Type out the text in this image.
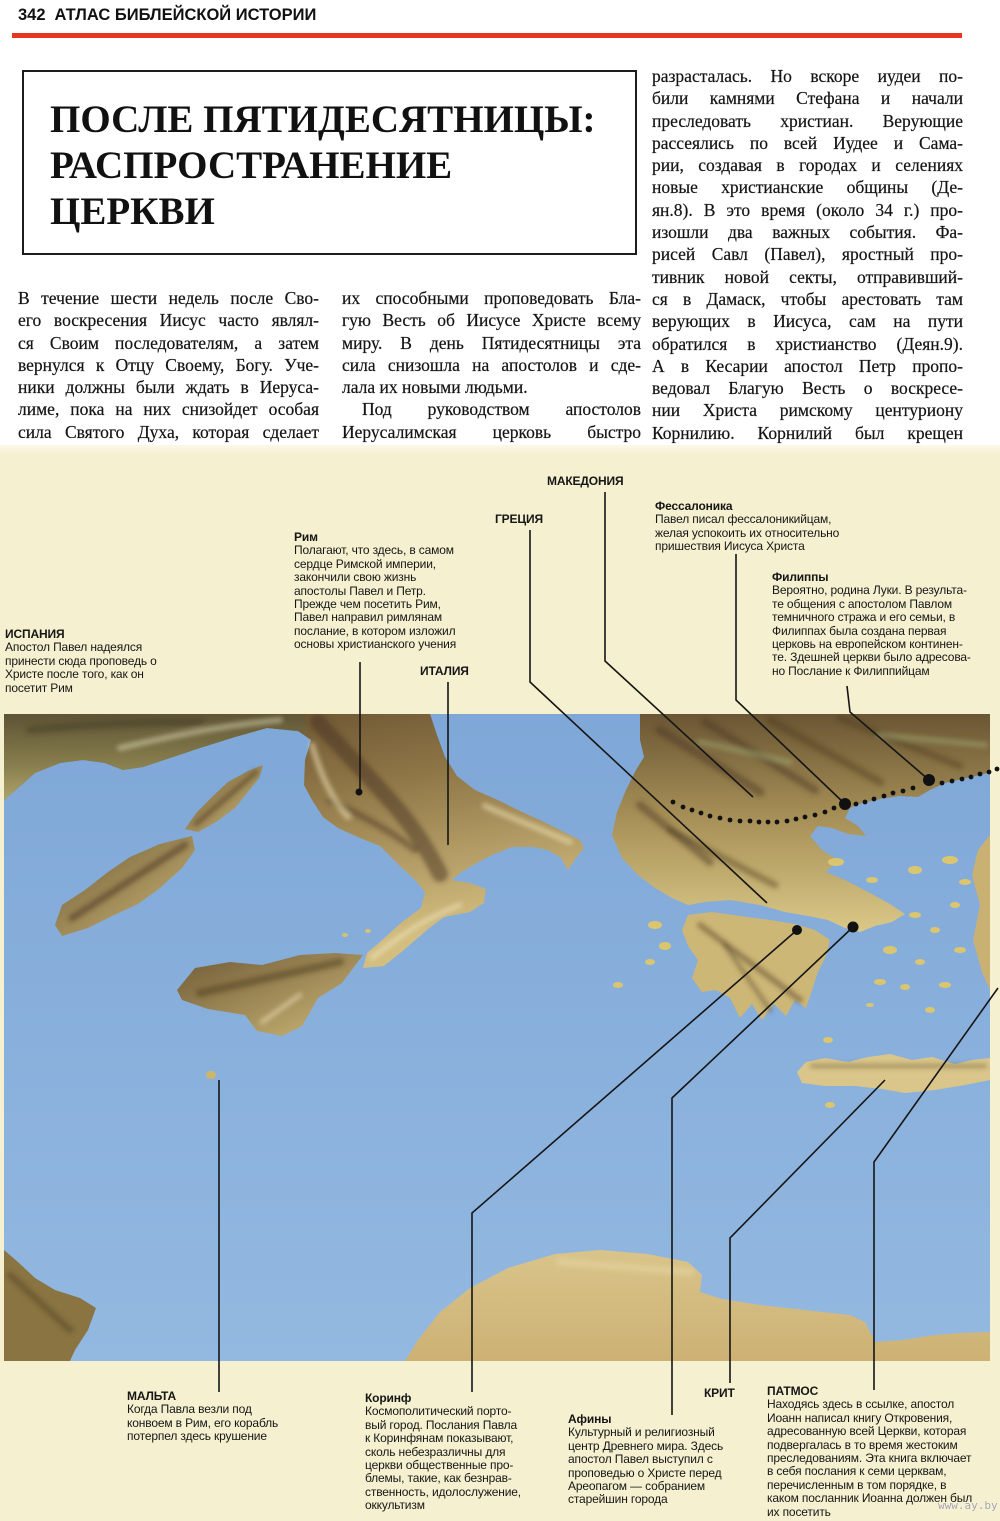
342 АТЛАС БИБЛЕЙСКОЙ ИСТОРИИ
ПОСЛЕ ПЯТИДЕСЯТНИЦЫ:
РАСПРОСТРАНЕНИЕ
ЦЕРКВИ
В течение шести недель после Сво-
его воскресения Иисус часто являл-
ся Своим последователям, а затем
вернулся к Отцу Своему, Богу. Уче-
ники должны были ждать в Иеруса-
лиме, пока на них снизойдет особая
сила Святого Духа, которая сделает
их способными проповедовать Бла-
гую Весть об Иисусе Христе всему
миру. В день Пятидесятницы эта
сила снизошла на апостолов и сде-
лала их новыми людьми.
Под руководством апостолов
Иерусалимская церковь быстро
разрасталась. Но вскоре иудеи по-
били камнями Стефана и начали
преследовать христиан. Верующие
рассеялись по всей Иудее и Сама-
рии, создавая в городах и селениях
новые христианские общины (Де-
ян.8). В это время (около 34 г.) про-
изошли два важных события. Фа-
рисей Савл (Павел), яростный про-
тивник новой секты, отправивший-
ся в Дамаск, чтобы арестовать там
верующих в Иисуса, сам на пути
обратился в христианство (Деян.9).
А в Кесарии апостол Петр пропо-
ведовал Благую Весть о воскресе-
нии Христа римскому центуриону
Корнилию. Корнилий был крещен
МАКЕДОНИЯ
ГРЕЦИЯ
ИТАЛИЯ
КРИТ
ИСПАНИЯ
Апостол Павел надеялся
принести сюда проповедь о
Христе после того, как он
посетит Рим
Рим
Полагают, что здесь, в самом
сердце Римской империи,
закончили свою жизнь
апостолы Павел и Петр.
Прежде чем посетить Рим,
Павел направил римлянам
послание, в котором изложил
основы христианского учения
Фессалоника
Павел писал фессалоникийцам,
желая успокоить их относительно
пришествия Иисуса Христа
Филиппы
Вероятно, родина Луки. В результа-
те общения с апостолом Павлом
темничного стража и его семьи, в
Филиппах была создана первая
церковь на европейском континен-
те. Здешней церкви было адресова-
но Послание к Филиппийцам
МАЛЬТА
Когда Павла везли под
конвоем в Рим, его корабль
потерпел здесь крушение
Коринф
Космополитический порто-
вый город. Послания Павла
к Коринфянам показывают,
сколь небезразличны для
церкви общественные про-
блемы, такие, как безнрав-
ственность, идолослужение,
оккультизм
Афины
Культурный и религиозный
центр Древнего мира. Здесь
апостол Павел выступил с
проповедью о Христе перед
Ареопагом — собранием
старейшин города
ПАТМОС
Находясь здесь в ссылке, апостол
Иоанн написал книгу Откровения,
адресованную всей Церкви, которая
подвергалась в то время жестоким
преследованиям. Эта книга включает
в себя послания к семи церквам,
перечисленным в том порядке, в
каком посланник Иоанна должен был
их посетить	www.ay.by
